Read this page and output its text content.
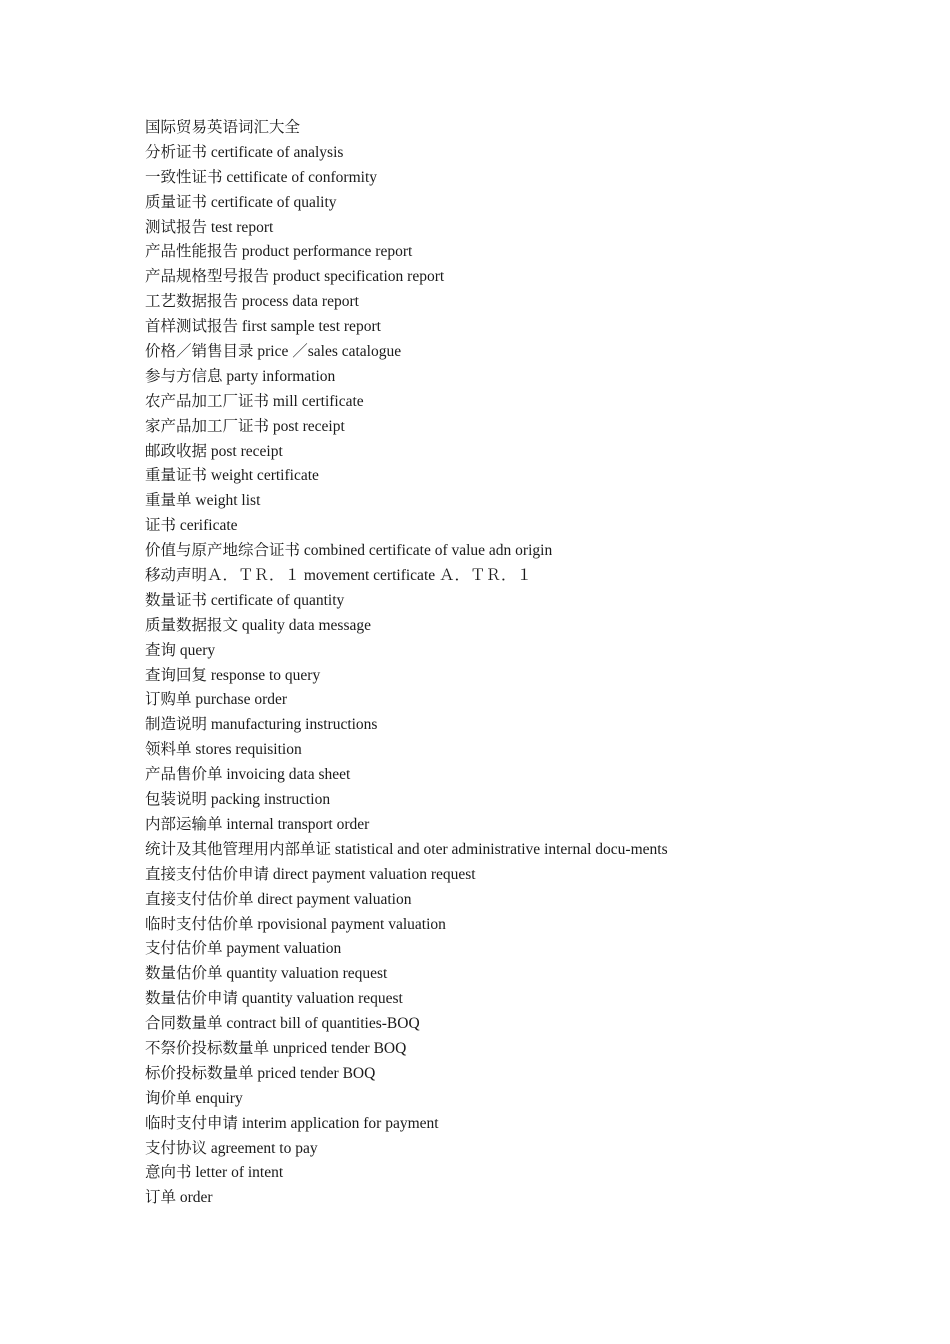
国际贸易英语词汇大全
分析证书 certificate of analysis
一致性证书 cettificate of conformity
质量证书 certificate of quality
测试报告 test report
产品性能报告 product performance report
产品规格型号报告 product specification report
工艺数据报告 process data report
首样测试报告 first sample test report
价格／销售目录 price ／sales catalogue
参与方信息 party information
农产品加工厂证书 mill certificate
家产品加工厂证书 post receipt
邮政收据 post receipt
重量证书 weight certificate
重量单 weight list
证书 cerificate
价值与原产地综合证书 combined certificate of value adn origin
移动声明Ａ．ＴＲ．１ movement certificate Ａ．ＴＲ．１
数量证书 certificate of quantity
质量数据报文 quality data message
查询 query
查询回复 response to query
订购单 purchase order
制造说明 manufacturing instructions
领料单 stores requisition
产品售价单 invoicing data sheet
包装说明 packing instruction
内部运输单 internal transport order
统计及其他管理用内部单证 statistical and oter administrative internal docu-ments
直接支付估价申请 direct payment valuation request
直接支付估价单 direct payment valuation
临时支付估价单 rpovisional payment valuation
支付估价单 payment valuation
数量估价单 quantity valuation request
数量估价申请 quantity valuation request
合同数量单 contract bill of quantities-BOQ
不祭价投标数量单 unpriced tender BOQ
标价投标数量单 priced tender BOQ
询价单 enquiry
临时支付申请 interim application for payment
支付协议 agreement to pay
意向书 letter of intent
订单 order
